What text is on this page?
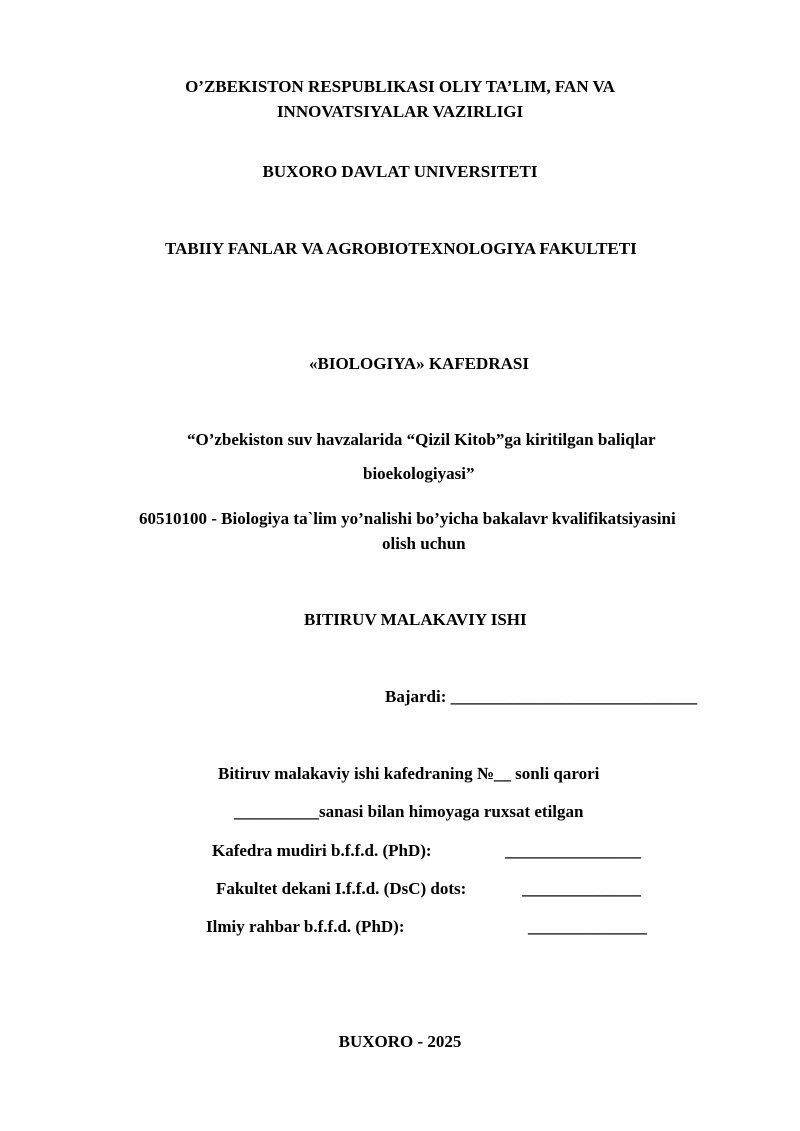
O’ZBEKISTON RESPUBLIKASI OLIY TA’LIM, FAN VA
INNOVATSIYALAR VAZIRLIGI
BUXORO DAVLAT UNIVERSITETI
TABIIY FANLAR VA AGROBIOTEXNOLOGIYA FAKULTETI
«BIOLOGIYA» KAFEDRASI
“O’zbekiston suv havzalarida “Qizil Kitob”ga kiritilgan baliqlar
bioekologiyasi”
60510100 - Biologiya ta`lim yo’nalishi bo’yicha bakalavr kvalifikatsiyasini
olish uchun
BITIRUV MALAKAVIY ISHI
Bajardi: _____________________________
Bitiruv malakaviy ishi kafedraning №__ sonli qarori
__________sanasi bilan himoyaga ruxsat etilgan
Kafedra mudiri b.f.f.d. (PhD):	________________
Fakultet dekani I.f.f.d. (DsC) dots:	______________
Ilmiy rahbar b.f.f.d. (PhD):	______________
BUXORO - 2025
